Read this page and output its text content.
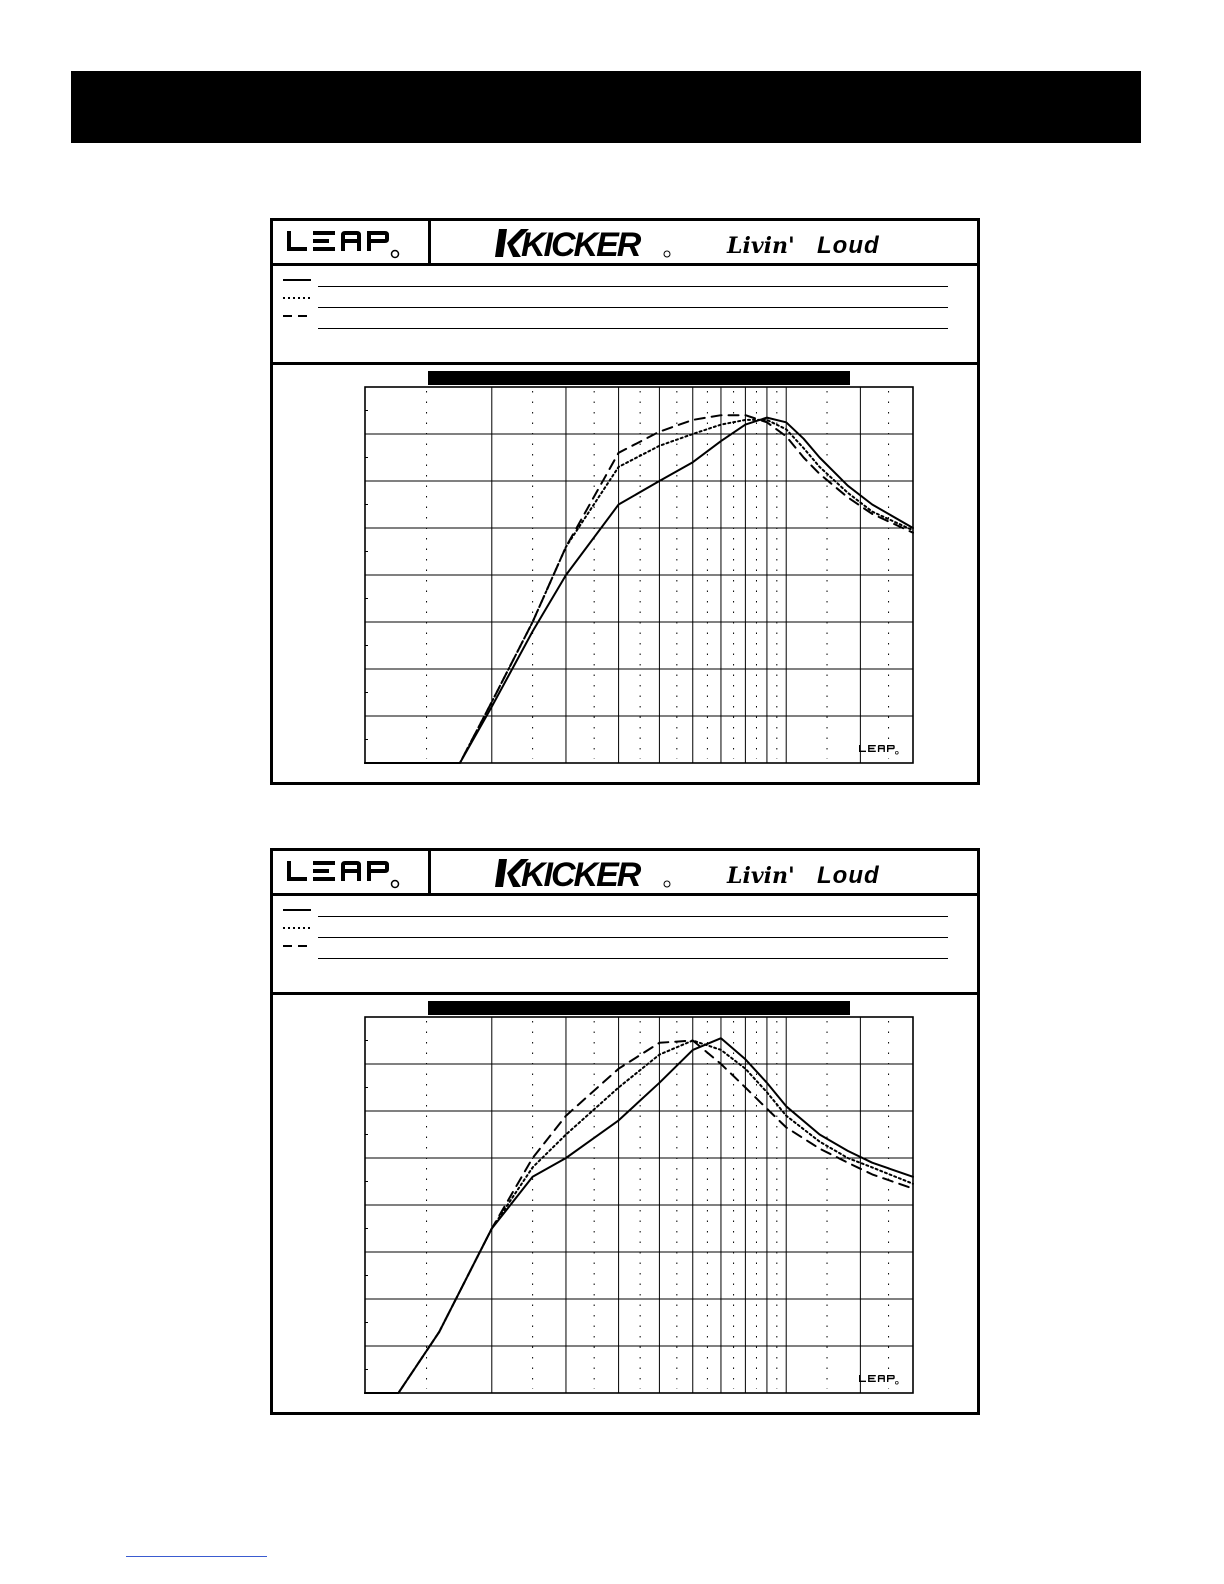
KICKER	Livin' Loud
KICKER	Livin' Loud
